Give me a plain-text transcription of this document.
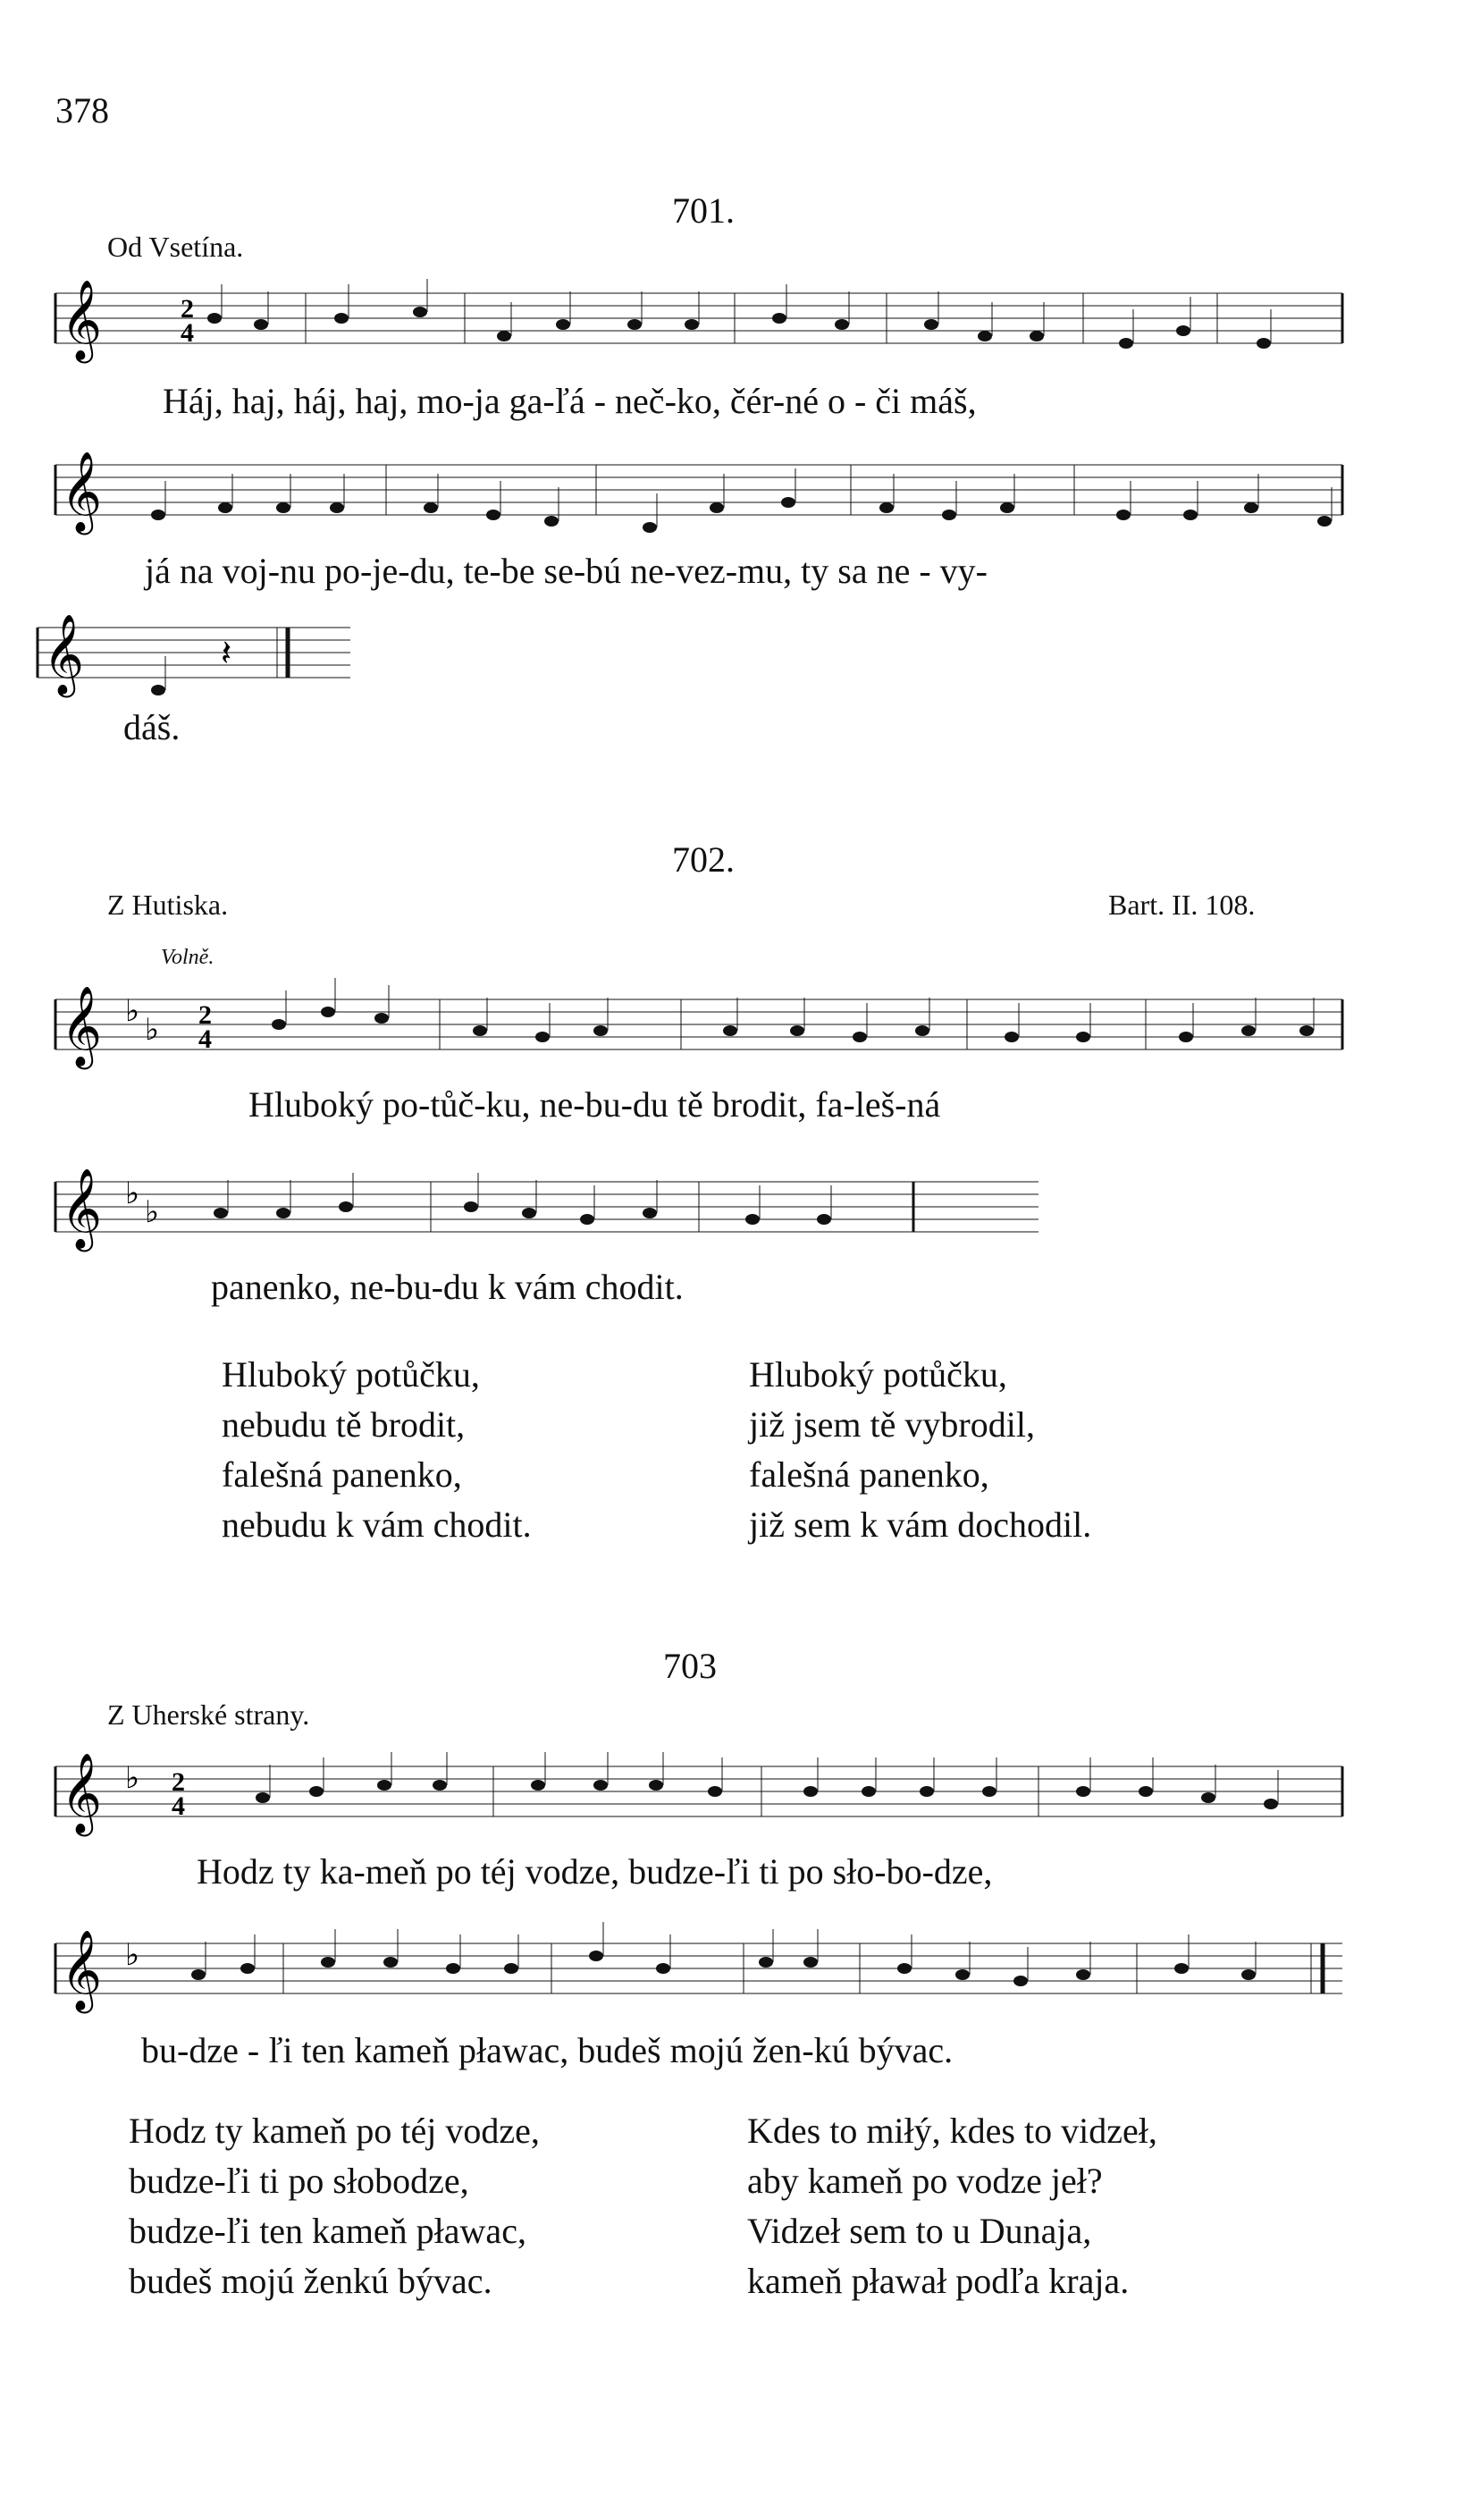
378
701.
Od Vsetína.
𝄞	2
4
Háj, haj, háj, haj, mo-ja ga-ľá - neč-ko, čér-né o - či máš,
𝄞
já na voj-nu po-je-du, te-be se-bú ne-vez-mu, ty sa ne - vy-
𝄞	𝄽
dáš.
702.
Z Hutiska.	Bart. II. 108.
Volně.
𝄞 ♭
♭ 2
4
Hluboký po-tůč-ku, ne-bu-du tě brodit, fa-leš-ná
𝄞 ♭
♭
panenko, ne-bu-du k vám chodit.
Hluboký potůčku,
nebudu tě brodit,
falešná panenko,
nebudu k vám chodit.
Hluboký potůčku,
již jsem tě vybrodil,
falešná panenko,
již sem k vám dochodil.
703
Z Uherské strany.
𝄞 ♭ 2
4
Hodz ty ka-meň po téj vodze, budze-ľi ti po sło-bo-dze,
𝄞 ♭
bu-dze - ľi ten kameň pławac, budeš mojú žen-kú bývac.
Hodz ty kameň po téj vodze,
budze-ľi ti po słobodze,
budze-ľi ten kameň pławac,
budeš mojú ženkú bývac.
Kdes to miłý, kdes to vidzeł,
aby kameň po vodze jeł?
Vidzeł sem to u Dunaja,
kameň pławał podľa kraja.
